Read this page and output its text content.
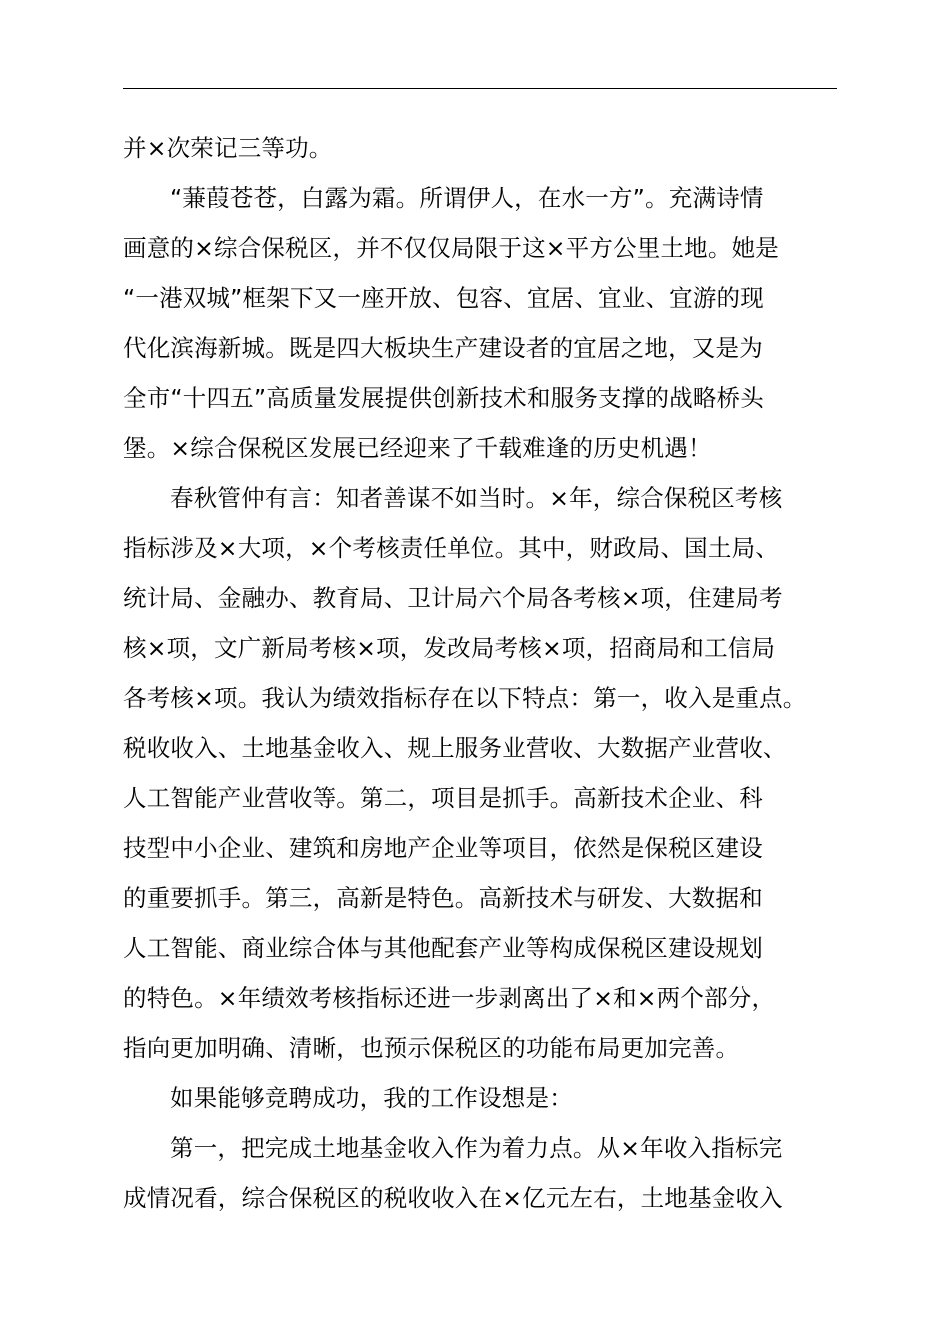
并×次荣记三等功。
“蒹葭苍苍，白露为霜。所谓伊人，在水一方”。充满诗情
画意的×综合保税区，并不仅仅局限于这×平方公里土地。她是
“一港双城”框架下又一座开放、包容、宜居、宜业、宜游的现
代化滨海新城。既是四大板块生产建设者的宜居之地，又是为
全市“十四五”高质量发展提供创新技术和服务支撑的战略桥头
堡。×综合保税区发展已经迎来了千载难逢的历史机遇！
春秋管仲有言：知者善谋不如当时。×年，综合保税区考核
指标涉及×大项，×个考核责任单位。其中，财政局、国土局、
统计局、金融办、教育局、卫计局六个局各考核×项，住建局考
核×项，文广新局考核×项，发改局考核×项，招商局和工信局
各考核×项。我认为绩效指标存在以下特点：第一，收入是重点。
税收收入、土地基金收入、规上服务业营收、大数据产业营收、
人工智能产业营收等。第二，项目是抓手。高新技术企业、科
技型中小企业、建筑和房地产企业等项目，依然是保税区建设
的重要抓手。第三，高新是特色。高新技术与研发、大数据和
人工智能、商业综合体与其他配套产业等构成保税区建设规划
的特色。×年绩效考核指标还进一步剥离出了×和×两个部分，
指向更加明确、清晰，也预示保税区的功能布局更加完善。
如果能够竞聘成功，我的工作设想是：
第一，把完成土地基金收入作为着力点。从×年收入指标完
成情况看，综合保税区的税收收入在×亿元左右，土地基金收入
